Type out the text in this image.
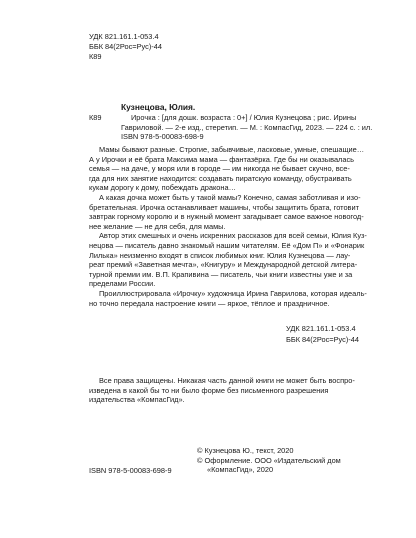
УДК 821.161.1-053.4
ББК 84(2Рос=Рус)-44
К89
Кузнецова, Юлия.
К89	Ирочка : [для дошк. возраста : 0+] / Юлия Кузнецова ; рис. Ирины
Гавриловой. — 2-е изд., стеретип. — М. : КомпасГид, 2023. — 224 с. : ил.
ISBN 978-5-00083-698-9
Мамы бывают разные. Строгие, забывчивые, ласковые, умные, спешащие…
А у Ирочки и её брата Максима мама — фантазёрка. Где бы ни оказывалась
семья — на даче, у моря или в городе — им никогда не бывает скучно, все-
гда для них занятие находится: создавать пиратскую команду, обустраивать
кукам дорогу к дому, побеждать дракона…
А какая дочка может быть у такой мамы? Конечно, самая заботливая и изо-
бретательная. Ирочка останавливает машины, чтобы защитить брата, готовит
завтрак горному королю и в нужный момент загадывает самое важное новогод-
нее желание — не для себя, для мамы.
Автор этих смешных и очень искренних рассказов для всей семьи, Юлия Куз-
нецова — писатель давно знакомый нашим читателям. Её «Дом П» и «Фонарик
Лилька» неизменно входят в список любимых книг. Юлия Кузнецова — лау-
реат премий «Заветная мечта», «Книгуру» и Международной детской литера-
турной премии им. В.П. Крапивина — писатель, чьи книги известны уже и за
пределами России.
Проиллюстрировала «Ирочку» художница Ирина Гаврилова, которая идеаль-
но точно передала настроение книги — яркое, тёплое и праздничное.
УДК 821.161.1-053.4
ББК 84(2Рос=Рус)-44
Все права защищены. Никакая часть данной книги не может быть воспро-
изведена в какой бы то ни было форме без письменного разрешения
издательства «КомпасГид».
© Кузнецова Ю., текст, 2020
© Оформление. ООО «Издательский дом
«КомпасГид», 2020
ISBN 978-5-00083-698-9
